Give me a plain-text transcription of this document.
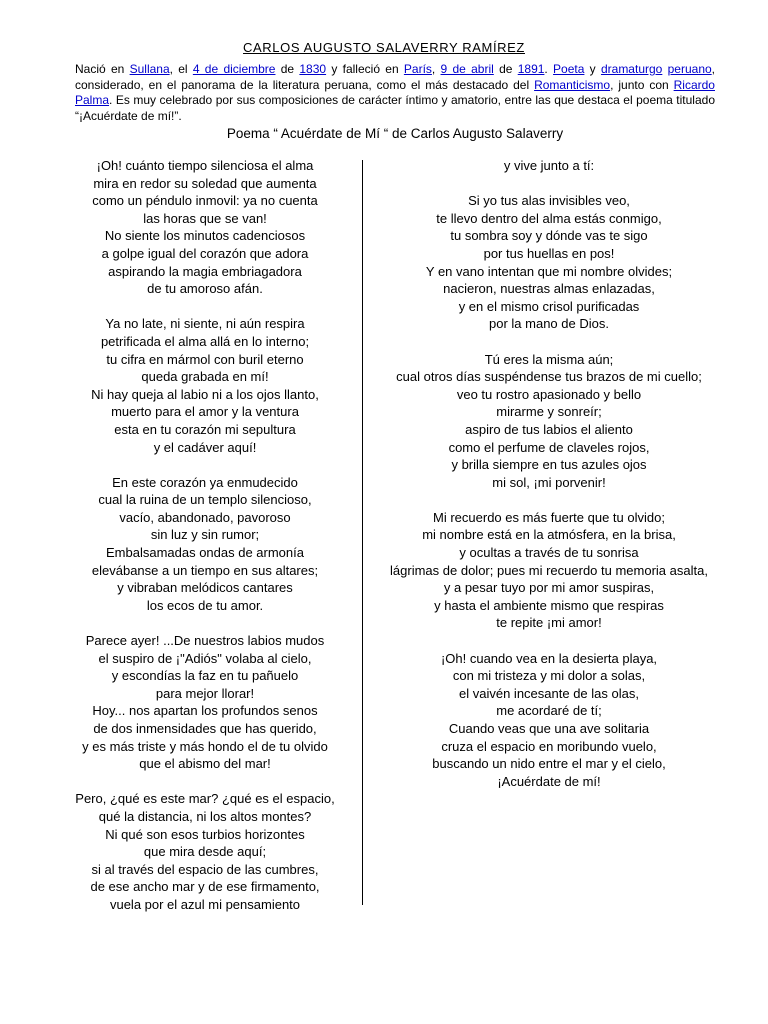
CARLOS AUGUSTO SALAVERRY RAMÍREZ
Nació en Sullana, el 4 de diciembre de 1830 y falleció en París, 9 de abril de 1891. Poeta y dramaturgo peruano, considerado, en el panorama de la literatura peruana, como el más destacado del Romanticismo, junto con Ricardo Palma. Es muy celebrado por sus composiciones de carácter íntimo y amatorio, entre las que destaca el poema titulado “¡Acuérdate de mí!”.
Poema “ Acuérdate de Mí “ de Carlos Augusto Salaverry
¡Oh! cuánto tiempo silenciosa el alma
mira en redor su soledad que aumenta
como un péndulo inmovil: ya no cuenta
las horas que se van!
No siente los minutos cadenciosos
a golpe igual del corazón que adora
aspirando la magia embriagadora
de tu amoroso afán.
Ya no late, ni siente, ni aún respira
petrificada el alma allá en lo interno;
tu cifra en mármol con buril eterno
queda grabada en mí!
Ni hay queja al labio ni a los ojos llanto,
muerto para el amor y la ventura
esta en tu corazón mi sepultura
y el cadáver aquí!
En este corazón ya enmudecido
cual la ruina de un templo silencioso,
vacío, abandonado, pavoroso
sin luz y sin rumor;
Embalsamadas ondas de armonía
elevábanse a un tiempo en sus altares;
y vibraban melódicos cantares
los ecos de tu amor.
Parece ayer! ...De nuestros labios mudos
el suspiro de ¡"Adiós" volaba al cielo,
y escondías la faz en tu pañuelo
para mejor llorar!
Hoy... nos apartan los profundos senos
de dos inmensidades que has querido,
y es más triste y más hondo el de tu olvido
que el abismo del mar!
Pero, ¿qué es este mar? ¿qué es el espacio,
qué la distancia, ni los altos montes?
Ni qué son esos turbios horizontes
que mira desde aquí;
si al través del espacio de las cumbres,
de ese ancho mar y de ese firmamento,
vuela por el azul mi pensamiento
y vive junto a tí:
Si yo tus alas invisibles veo,
te llevo dentro del alma estás conmigo,
tu sombra soy y dónde vas te sigo
por tus huellas en pos!
Y en vano intentan que mi nombre olvides;
nacieron, nuestras almas enlazadas,
y en el mismo crisol purificadas
por la mano de Dios.
Tú eres la misma aún;
cual otros días suspéndense tus brazos de mi cuello;
veo tu rostro apasionado y bello
mirarme y sonreír;
aspiro de tus labios el aliento
como el perfume de claveles rojos,
y brilla siempre en tus azules ojos
mi sol, ¡mi porvenir!
Mi recuerdo es más fuerte que tu olvido;
mi nombre está en la atmósfera, en la brisa,
y ocultas a través de tu sonrisa
lágrimas de dolor; pues mi recuerdo tu memoria asalta,
y a pesar tuyo por mi amor suspiras,
y hasta el ambiente mismo que respiras
te repite ¡mi amor!
¡Oh! cuando vea en la desierta playa,
con mi tristeza y mi dolor a solas,
el vaivén incesante de las olas,
me acordaré de tí;
Cuando veas que una ave solitaria
cruza el espacio en moribundo vuelo,
buscando un nido entre el mar y el cielo,
¡Acuérdate de mí!
